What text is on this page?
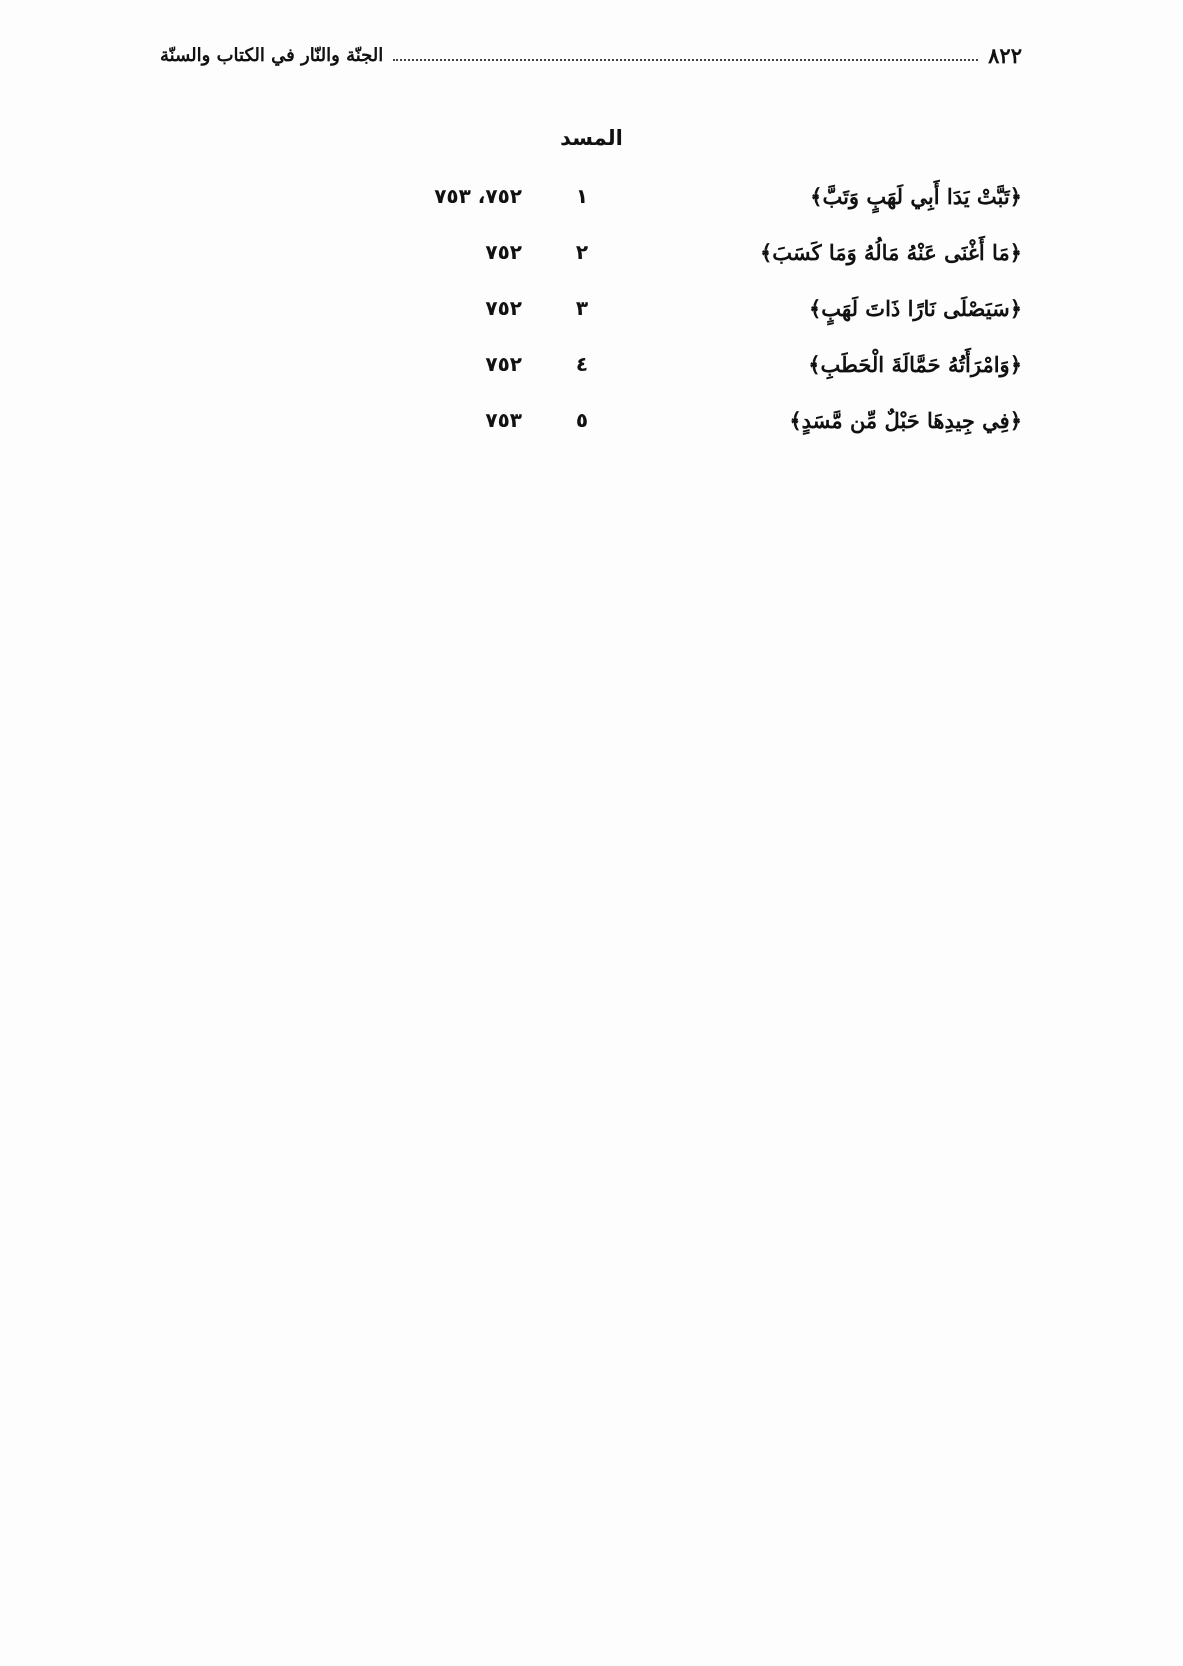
٨٢٢
الجنّة والنّار في الكتاب والسنّة
المسد
﴿تَبَّتْ يَدَا أَبِي لَهَبٍ وَتَبَّ﴾
١
٧٥٢، ٧٥٣
﴿مَا أَغْنَى عَنْهُ مَالُهُ وَمَا كَسَبَ﴾
٢
٧٥٢
﴿سَيَصْلَى نَارًا ذَاتَ لَهَبٍ﴾
٣
٧٥٢
﴿وَامْرَأَتُهُ حَمَّالَةَ الْحَطَبِ﴾
٤
٧٥٢
﴿فِي جِيدِهَا حَبْلٌ مِّن مَّسَدٍ﴾
٥
٧٥٣
